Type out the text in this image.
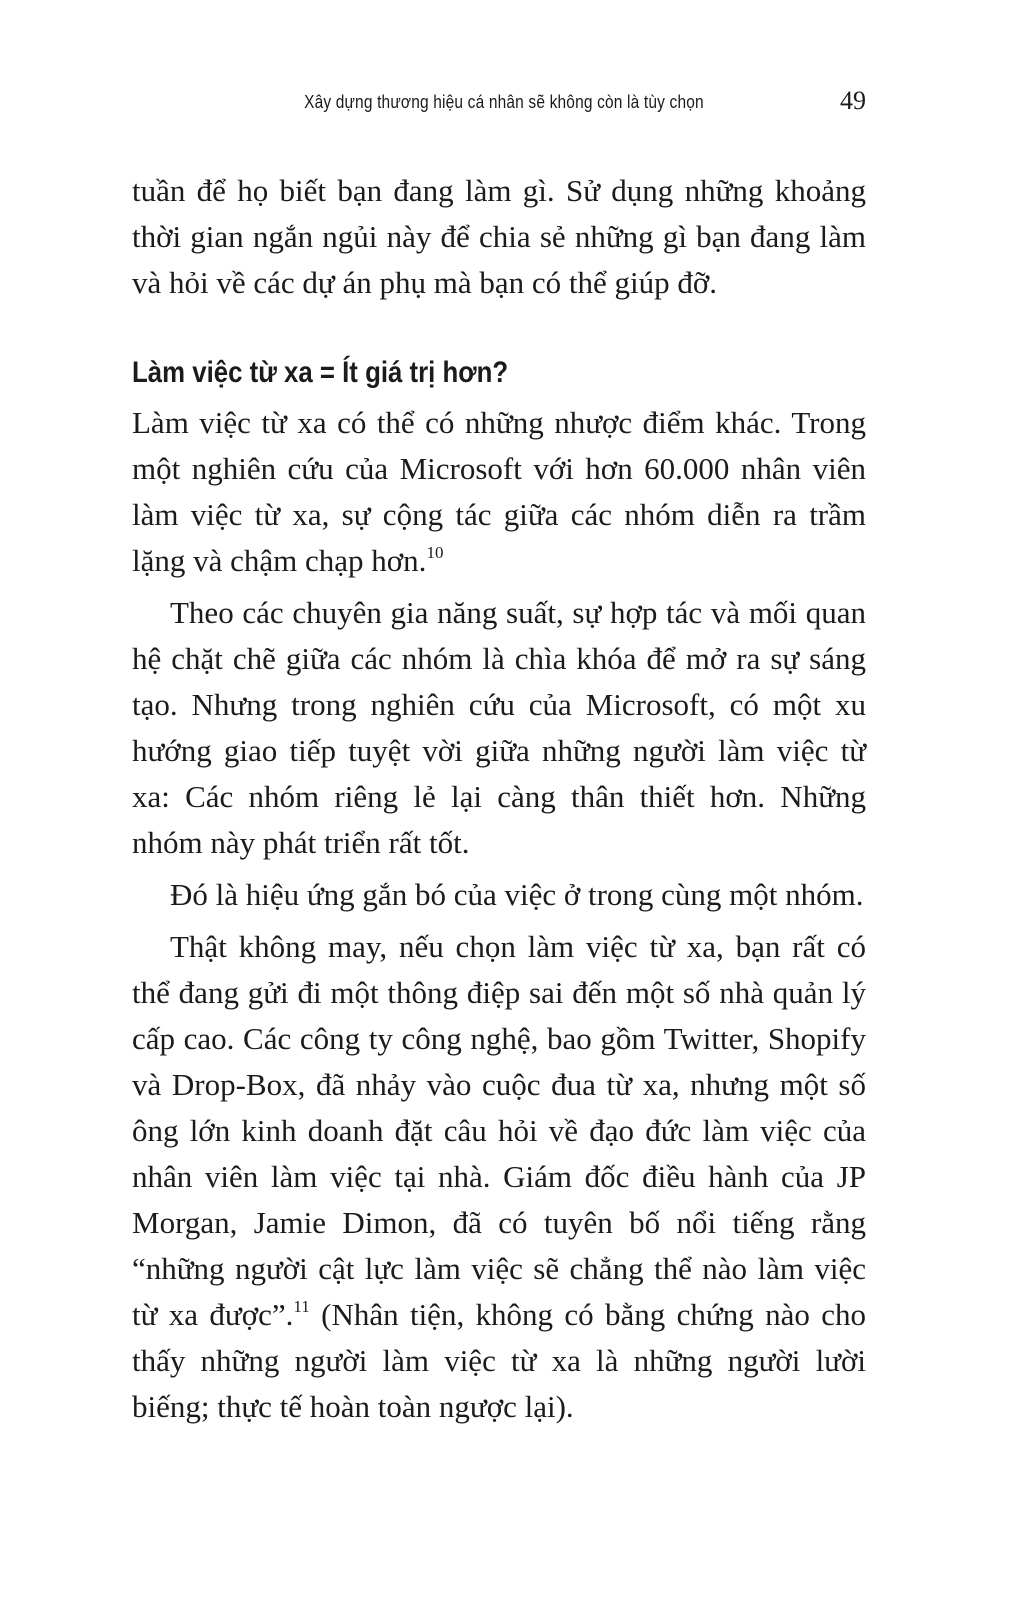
Xây dựng thương hiệu cá nhân sẽ không còn là tùy chọn	49

tuần để họ biết bạn đang làm gì. Sử dụng những khoảng thời gian ngắn ngủi này để chia sẻ những gì bạn đang làm và hỏi về các dự án phụ mà bạn có thể giúp đỡ.

Làm việc từ xa = Ít giá trị hơn?

Làm việc từ xa có thể có những nhược điểm khác. Trong một nghiên cứu của Microsoft với hơn 60.000 nhân viên làm việc từ xa, sự cộng tác giữa các nhóm diễn ra trầm lặng và chậm chạp hơn.$^{10}$

Theo các chuyên gia năng suất, sự hợp tác và mối quan hệ chặt chẽ giữa các nhóm là chìa khóa để mở ra sự sáng tạo. Nhưng trong nghiên cứu của Microsoft, có một xu hướng giao tiếp tuyệt vời giữa những người làm việc từ xa: Các nhóm riêng lẻ lại càng thân thiết hơn. Những nhóm này phát triển rất tốt.

Đó là hiệu ứng gắn bó của việc ở trong cùng một nhóm.

Thật không may, nếu chọn làm việc từ xa, bạn rất có thể đang gửi đi một thông điệp sai đến một số nhà quản lý cấp cao. Các công ty công nghệ, bao gồm Twitter, Shopify và Drop-Box, đã nhảy vào cuộc đua từ xa, nhưng một số ông lớn kinh doanh đặt câu hỏi về đạo đức làm việc của nhân viên làm việc tại nhà. Giám đốc điều hành của JP Morgan, Jamie Dimon, đã có tuyên bố nổi tiếng rằng “những người cật lực làm việc sẽ chẳng thể nào làm việc từ xa được”.$^{11}$ (Nhân tiện, không có bằng chứng nào cho thấy những người làm việc từ xa là những người lười biếng; thực tế hoàn toàn ngược lại).
